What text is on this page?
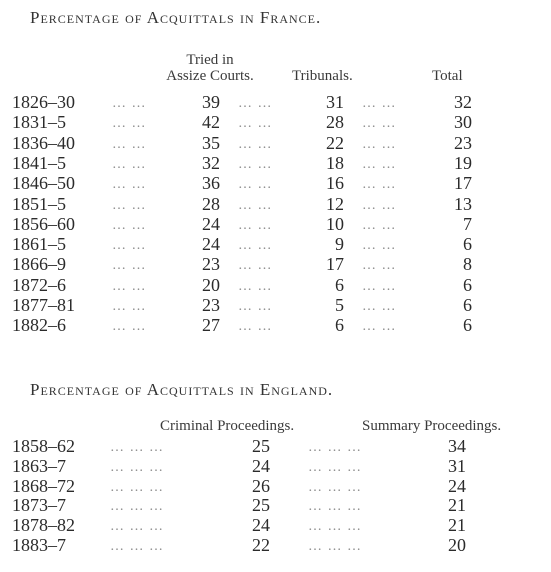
Percentage of Acquittals in France.
Tried in
Assize Courts.	Tribunals.	Total
1826–30	… …	39 … …	31 … …	32
1831–5	… …	42 … …	28 … …	30
1836–40	… …	35 … …	22 … …	23
1841–5	… …	32 … …	18 … …	19
1846–50	… …	36 … …	16 … …	17
1851–5	… …	28 … …	12 … …	13
1856–60	… …	24 … …	10 … …	7
1861–5	… …	24 … …	9 … …	6
1866–9	… …	23 … …	17 … …	8
1872–6	… …	20 … …	6 … …	6
1877–81	… …	23 … …	5 … …	6
1882–6	… …	27 … …	6 … …	6
Percentage of Acquittals in England.
Criminal Proceedings.	Summary Proceedings.
1858–62	… … …	25	… … …	34
1863–7	… … …	24	… … …	31
1868–72	… … …	26	… … …	24
1873–7	… … …	25	… … …	21
1878–82	… … …	24	… … …	21
1883–7	… … …	22	… … …	20
